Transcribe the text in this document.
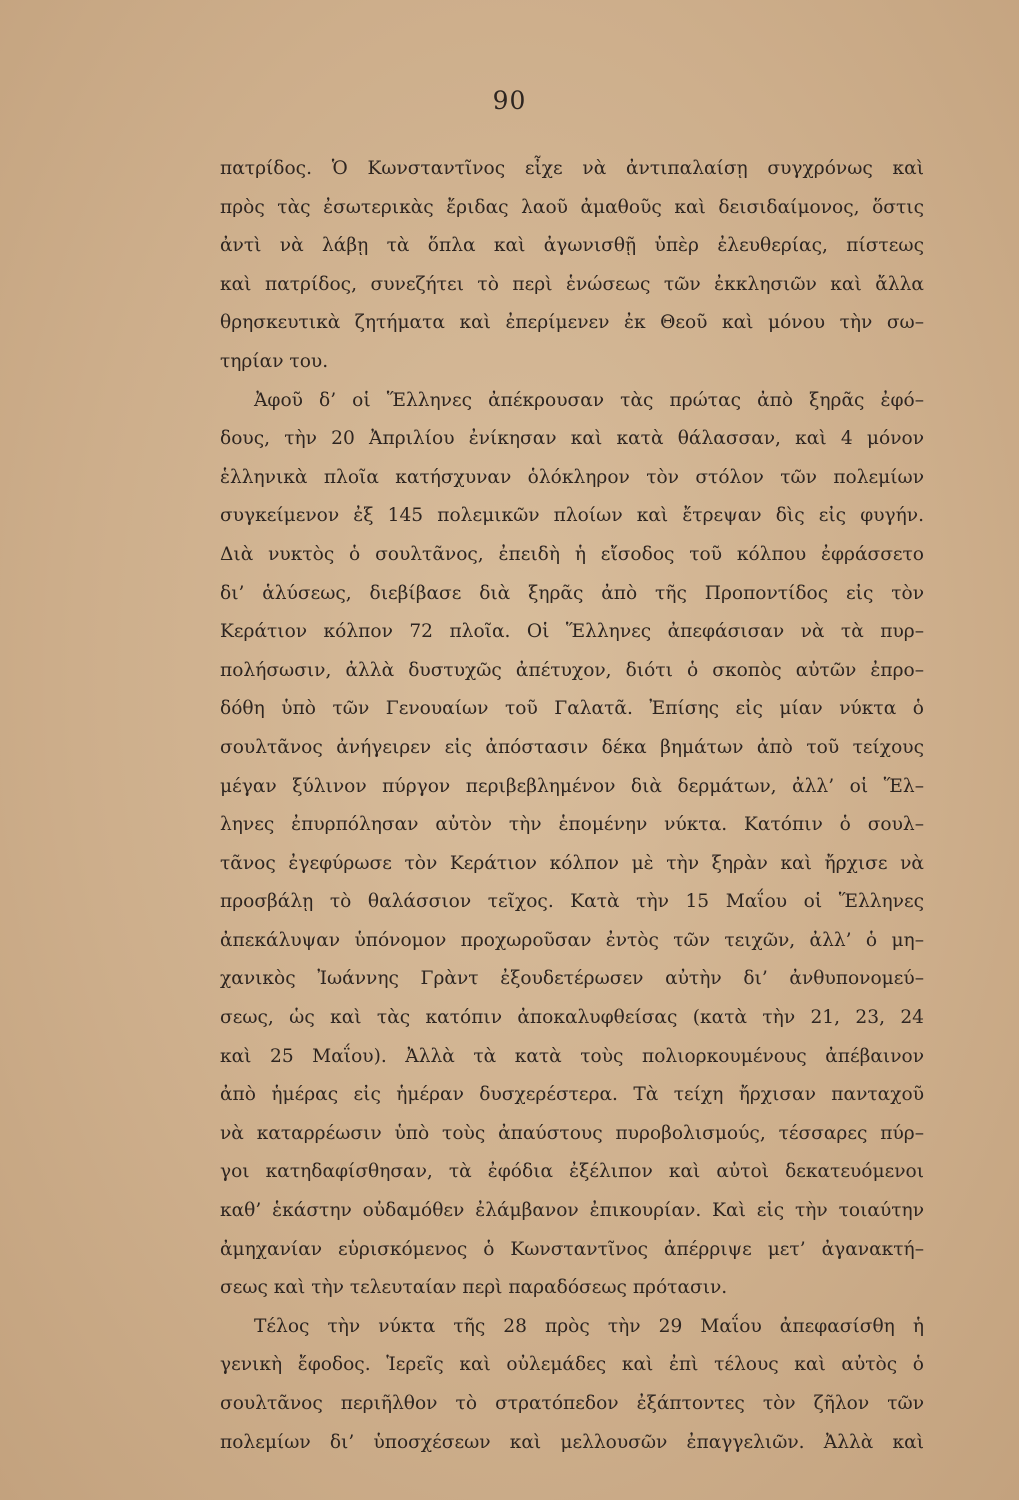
90
πατρίδος. Ὁ Κωνσταντῖνος εἶχε νὰ ἀντιπαλαίσῃ συγχρόνως καὶ
πρὸς τὰς ἐσωτερικὰς ἔριδας λαοῦ ἀμαθοῦς καὶ δεισιδαίμονος, ὅστις
ἀντὶ νὰ λάβῃ τὰ ὅπλα καὶ ἀγωνισθῇ ὑπὲρ ἐλευθερίας, πίστεως
καὶ πατρίδος, συνεζήτει τὸ περὶ ἑνώσεως τῶν ἐκκλησιῶν καὶ ἄλλα
θρησκευτικὰ ζητήματα καὶ ἐπερίμενεν ἐκ Θεοῦ καὶ μόνου τὴν σω–
τηρίαν του.
Ἀφοῦ δ’ οἱ Ἕλληνες ἀπέκρουσαν τὰς πρώτας ἀπὸ ξηρᾶς ἐφό–
δους, τὴν 20 Ἀπριλίου ἐνίκησαν καὶ κατὰ θάλασσαν, καὶ 4 μόνον
ἑλληνικὰ πλοῖα κατήσχυναν ὁλόκληρον τὸν στόλον τῶν πολεμίων
συγκείμενον ἐξ 145 πολεμικῶν πλοίων καὶ ἔτρεψαν δὶς εἰς φυγήν.
Διὰ νυκτὸς ὁ σουλτᾶνος, ἐπειδὴ ἡ εἴσοδος τοῦ κόλπου ἐφράσσετο
δι’ ἁλύσεως, διεβίβασε διὰ ξηρᾶς ἀπὸ τῆς Προποντίδος εἰς τὸν
Κεράτιον κόλπον 72 πλοῖα. Οἱ Ἕλληνες ἀπεφάσισαν νὰ τὰ πυρ–
πολήσωσιν, ἀλλὰ δυστυχῶς ἀπέτυχον, διότι ὁ σκοπὸς αὐτῶν ἐπρο–
δόθη ὑπὸ τῶν Γενουαίων τοῦ Γαλατᾶ. Ἐπίσης εἰς μίαν νύκτα ὁ
σουλτᾶνος ἀνήγειρεν εἰς ἀπόστασιν δέκα βημάτων ἀπὸ τοῦ τείχους
μέγαν ξύλινον πύργον περιβεβλημένον διὰ δερμάτων, ἀλλ’ οἱ Ἕλ–
ληνες ἐπυρπόλησαν αὐτὸν τὴν ἑπομένην νύκτα. Κατόπιν ὁ σουλ–
τᾶνος ἐγεφύρωσε τὸν Κεράτιον κόλπον μὲ τὴν ξηρὰν καὶ ἤρχισε νὰ
προσβάλῃ τὸ θαλάσσιον τεῖχος. Κατὰ τὴν 15 Μαΐου οἱ Ἕλληνες
ἀπεκάλυψαν ὑπόνομον προχωροῦσαν ἐντὸς τῶν τειχῶν, ἀλλ’ ὁ μη–
χανικὸς Ἰωάννης Γρὰντ ἐξουδετέρωσεν αὐτὴν δι’ ἀνθυπονομεύ–
σεως, ὡς καὶ τὰς κατόπιν ἀποκαλυφθείσας (κατὰ τὴν 21, 23, 24
καὶ 25 Μαΐου). Ἀλλὰ τὰ κατὰ τοὺς πολιορκουμένους ἀπέβαινον
ἀπὸ ἡμέρας εἰς ἡμέραν δυσχερέστερα. Τὰ τείχη ἤρχισαν πανταχοῦ
νὰ καταρρέωσιν ὑπὸ τοὺς ἀπαύστους πυροβολισμούς, τέσσαρες πύρ–
γοι κατηδαφίσθησαν, τὰ ἐφόδια ἐξέλιπον καὶ αὐτοὶ δεκατευόμενοι
καθ’ ἑκάστην οὐδαμόθεν ἐλάμβανον ἐπικουρίαν. Καὶ εἰς τὴν τοιαύτην
ἀμηχανίαν εὑρισκόμενος ὁ Κωνσταντῖνος ἀπέρριψε μετ’ ἀγανακτή–
σεως καὶ τὴν τελευταίαν περὶ παραδόσεως πρότασιν.
Τέλος τὴν νύκτα τῆς 28 πρὸς τὴν 29 Μαΐου ἀπεφασίσθη ἡ
γενικὴ ἔφοδος. Ἱερεῖς καὶ οὐλεμάδες καὶ ἐπὶ τέλους καὶ αὐτὸς ὁ
σουλτᾶνος περιῆλθον τὸ στρατόπεδον ἐξάπτοντες τὸν ζῆλον τῶν
πολεμίων δι’ ὑποσχέσεων καὶ μελλουσῶν ἐπαγγελιῶν. Ἀλλὰ καὶ
